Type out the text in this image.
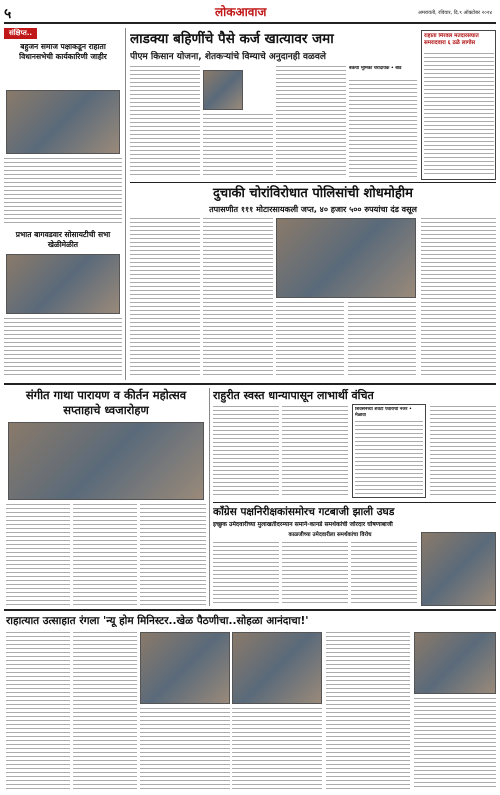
५	लोकआवाज	अमरावती, रविवार, दि.९ ऑक्टोबर २०२४
संक्षिप्त..
बहुजन समाज पक्षाकडून राहाता विधानसभेची कार्यकारिणी जाहीर
प्रभात बागवडवार सोसायटीची सभा खेळीमेळीत
लाडक्या बहिणींचे पैसे कर्ज खात्यावर जमा
पीएम किसान योजना, शेतकऱ्यांचे विम्याचे अनुदानही वळवले
बँकेची भूमिका चेरादायक • बोड
राहाता मिरवल मतदारसंघात समरादवारा ६ ठळे लागोस
दुचाकी चोरांविरोधात पोलिसांची शोधमोहीम
तपासणीत १११ मोटारसायकली जप्त, ४० हजार ५०० रुपयांचा दंड वसूल
संगीत गाथा पारायण व कीर्तन महोत्सव सप्ताहाचे ध्वजारोहण
राहुरीत स्वस्त धान्यापासून लाभार्थी वंचित
शिवसेनेच्या शेवटी पवारांची नजर • मेळावा
काँग्रेस पक्षनिरीक्षकांसमोरच गटबाजी झाली उघड
इच्छुक उमेदवारीच्या मुलाखतीदरम्यान समाने-कानडे समर्थकांची जोरदार घोषणाबाजी
काळजीच्या उमेदवारीला समर्थकांचा विरोध
राहात्यात उत्साहात रंगला 'न्यू होम मिनिस्टर..खेळ पैठणीचा..सोहळा आनंदाचा!'
